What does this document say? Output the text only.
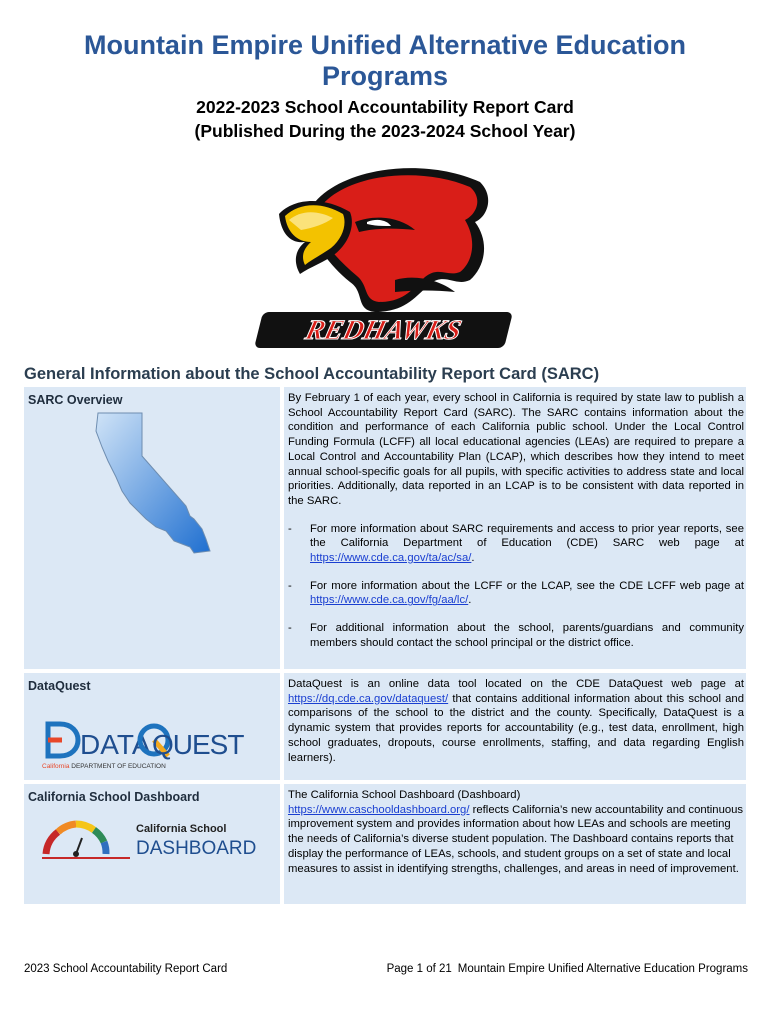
Mountain Empire Unified Alternative Education Programs
2022-2023 School Accountability Report Card
(Published During the 2023-2024 School Year)
REDHAWKS
General Information about the School Accountability Report Card (SARC)
SARC Overview	By February 1 of each year, every school in California is required by state law to publish a School Accountability Report Card (SARC). The SARC contains information about the condition and performance of each California public school. Under the Local Control Funding Formula (LCFF) all local educational agencies (LEAs) are required to prepare a Local Control and Accountability Plan (LCAP), which describes how they intend to meet annual school-specific goals for all pupils, with specific activities to address state and local priorities. Additionally, data reported in an LCAP is to be consistent with data reported in the SARC.

-	For more information about SARC requirements and access to prior year reports, see the California Department of Education (CDE) SARC web page at https://www.cde.ca.gov/ta/ac/sa/.
-	For more information about the LCFF or the LCAP, see the CDE LCFF web page at https://www.cde.ca.gov/fg/aa/lc/.
-	For additional information about the school, parents/guardians and community members should contact the school principal or the district office.
DataQuest	DataQuest is an online data tool located on the CDE DataQuest web page at https://dq.cde.ca.gov/dataquest/ that contains additional information about this school and comparisons of the school to the district and the county. Specifically, DataQuest is a dynamic system that provides reports for accountability (e.g., test data, enrollment, high school graduates, dropouts, course enrollments, staffing, and data regarding English learners).

California School Dashboard	The California School Dashboard (Dashboard)
https://www.caschooldashboard.org/ reflects California’s new accountability and continuous improvement system and provides information about how LEAs and schools are meeting the needs of California’s diverse student population. The Dashboard contains reports that display the performance of LEAs, schools, and student groups on a set of state and local measures to assist in identifying strengths, challenges, and areas in need of improvement.

DATA QUEST
California DEPARTMENT OF EDUCATION
California School
DASHBOARD
2023 School Accountability Report Card	Page 1 of 21 Mountain Empire Unified Alternative Education Programs
